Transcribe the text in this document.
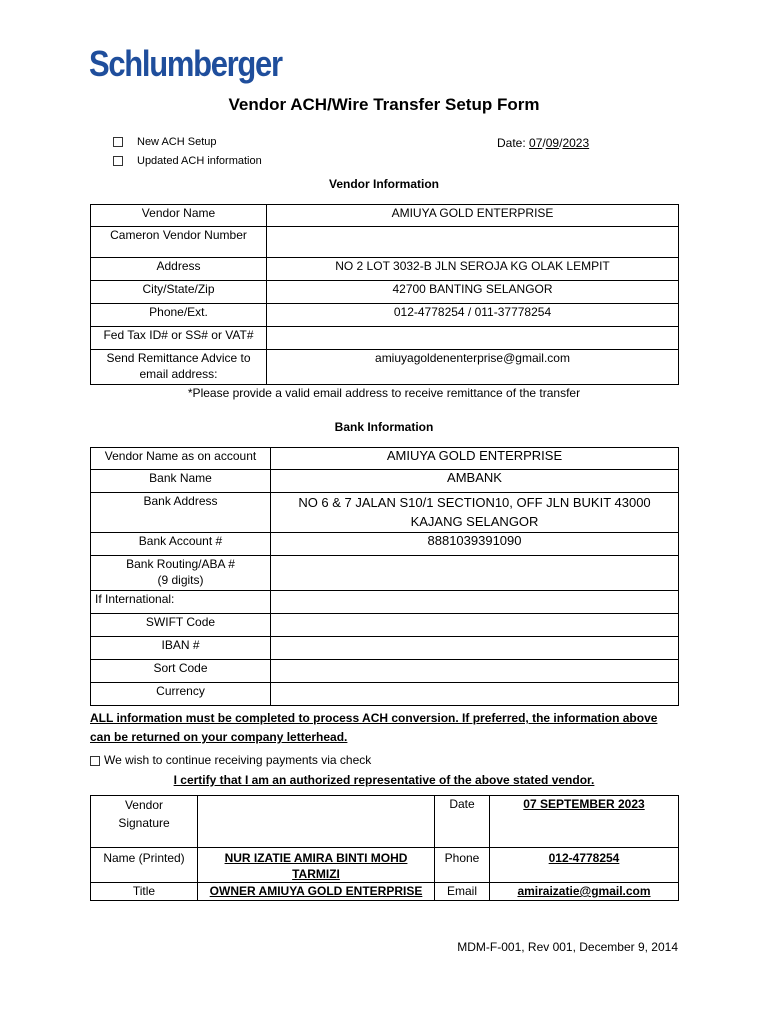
Schlumberger
Vendor ACH/Wire Transfer Setup Form
New ACH Setup
Updated ACH information
Date: 07/09/2023
Vendor Information
Vendor Name	AMIUYA GOLD ENTERPRISE
Cameron Vendor Number	
Address	NO 2 LOT 3032-B JLN SEROJA KG OLAK LEMPIT
City/State/Zip	42700 BANTING SELANGOR
Phone/Ext.	012-4778254 / 011-37778254
Fed Tax ID# or SS# or VAT#	

Send Remittance Advice to
email address:	amiuyagoldenenterprise@gmail.com
*Please provide a valid email address to receive remittance of the transfer
Bank Information
Vendor Name as on account	AMIUYA GOLD ENTERPRISE
Bank Name	AMBANK
Bank Address	NO 6 & 7 JALAN S10/1 SECTION10, OFF JLN BUKIT 43000
KAJANG SELANGOR

Bank Account #	8881039391090

Bank Routing/ABA #
(9 digits)	

If International:	
SWIFT Code	
IBAN #	
Sort Code	
Currency	
ALL information must be completed to process ACH conversion. If preferred, the information above
can be returned on your company letterhead.
We wish to continue receiving payments via check
I certify that I am an authorized representative of the above stated vendor.
Vendor
Signature		Date	07 SEPTEMBER 2023
Name (Printed)	NUR IZATIE AMIRA BINTI MOHD
TARMIZI	Phone	012-4778254
Title	OWNER AMIUYA GOLD ENTERPRISE	Email	amiraizatie@gmail.com
MDM-F-001, Rev 001, December 9, 2014
